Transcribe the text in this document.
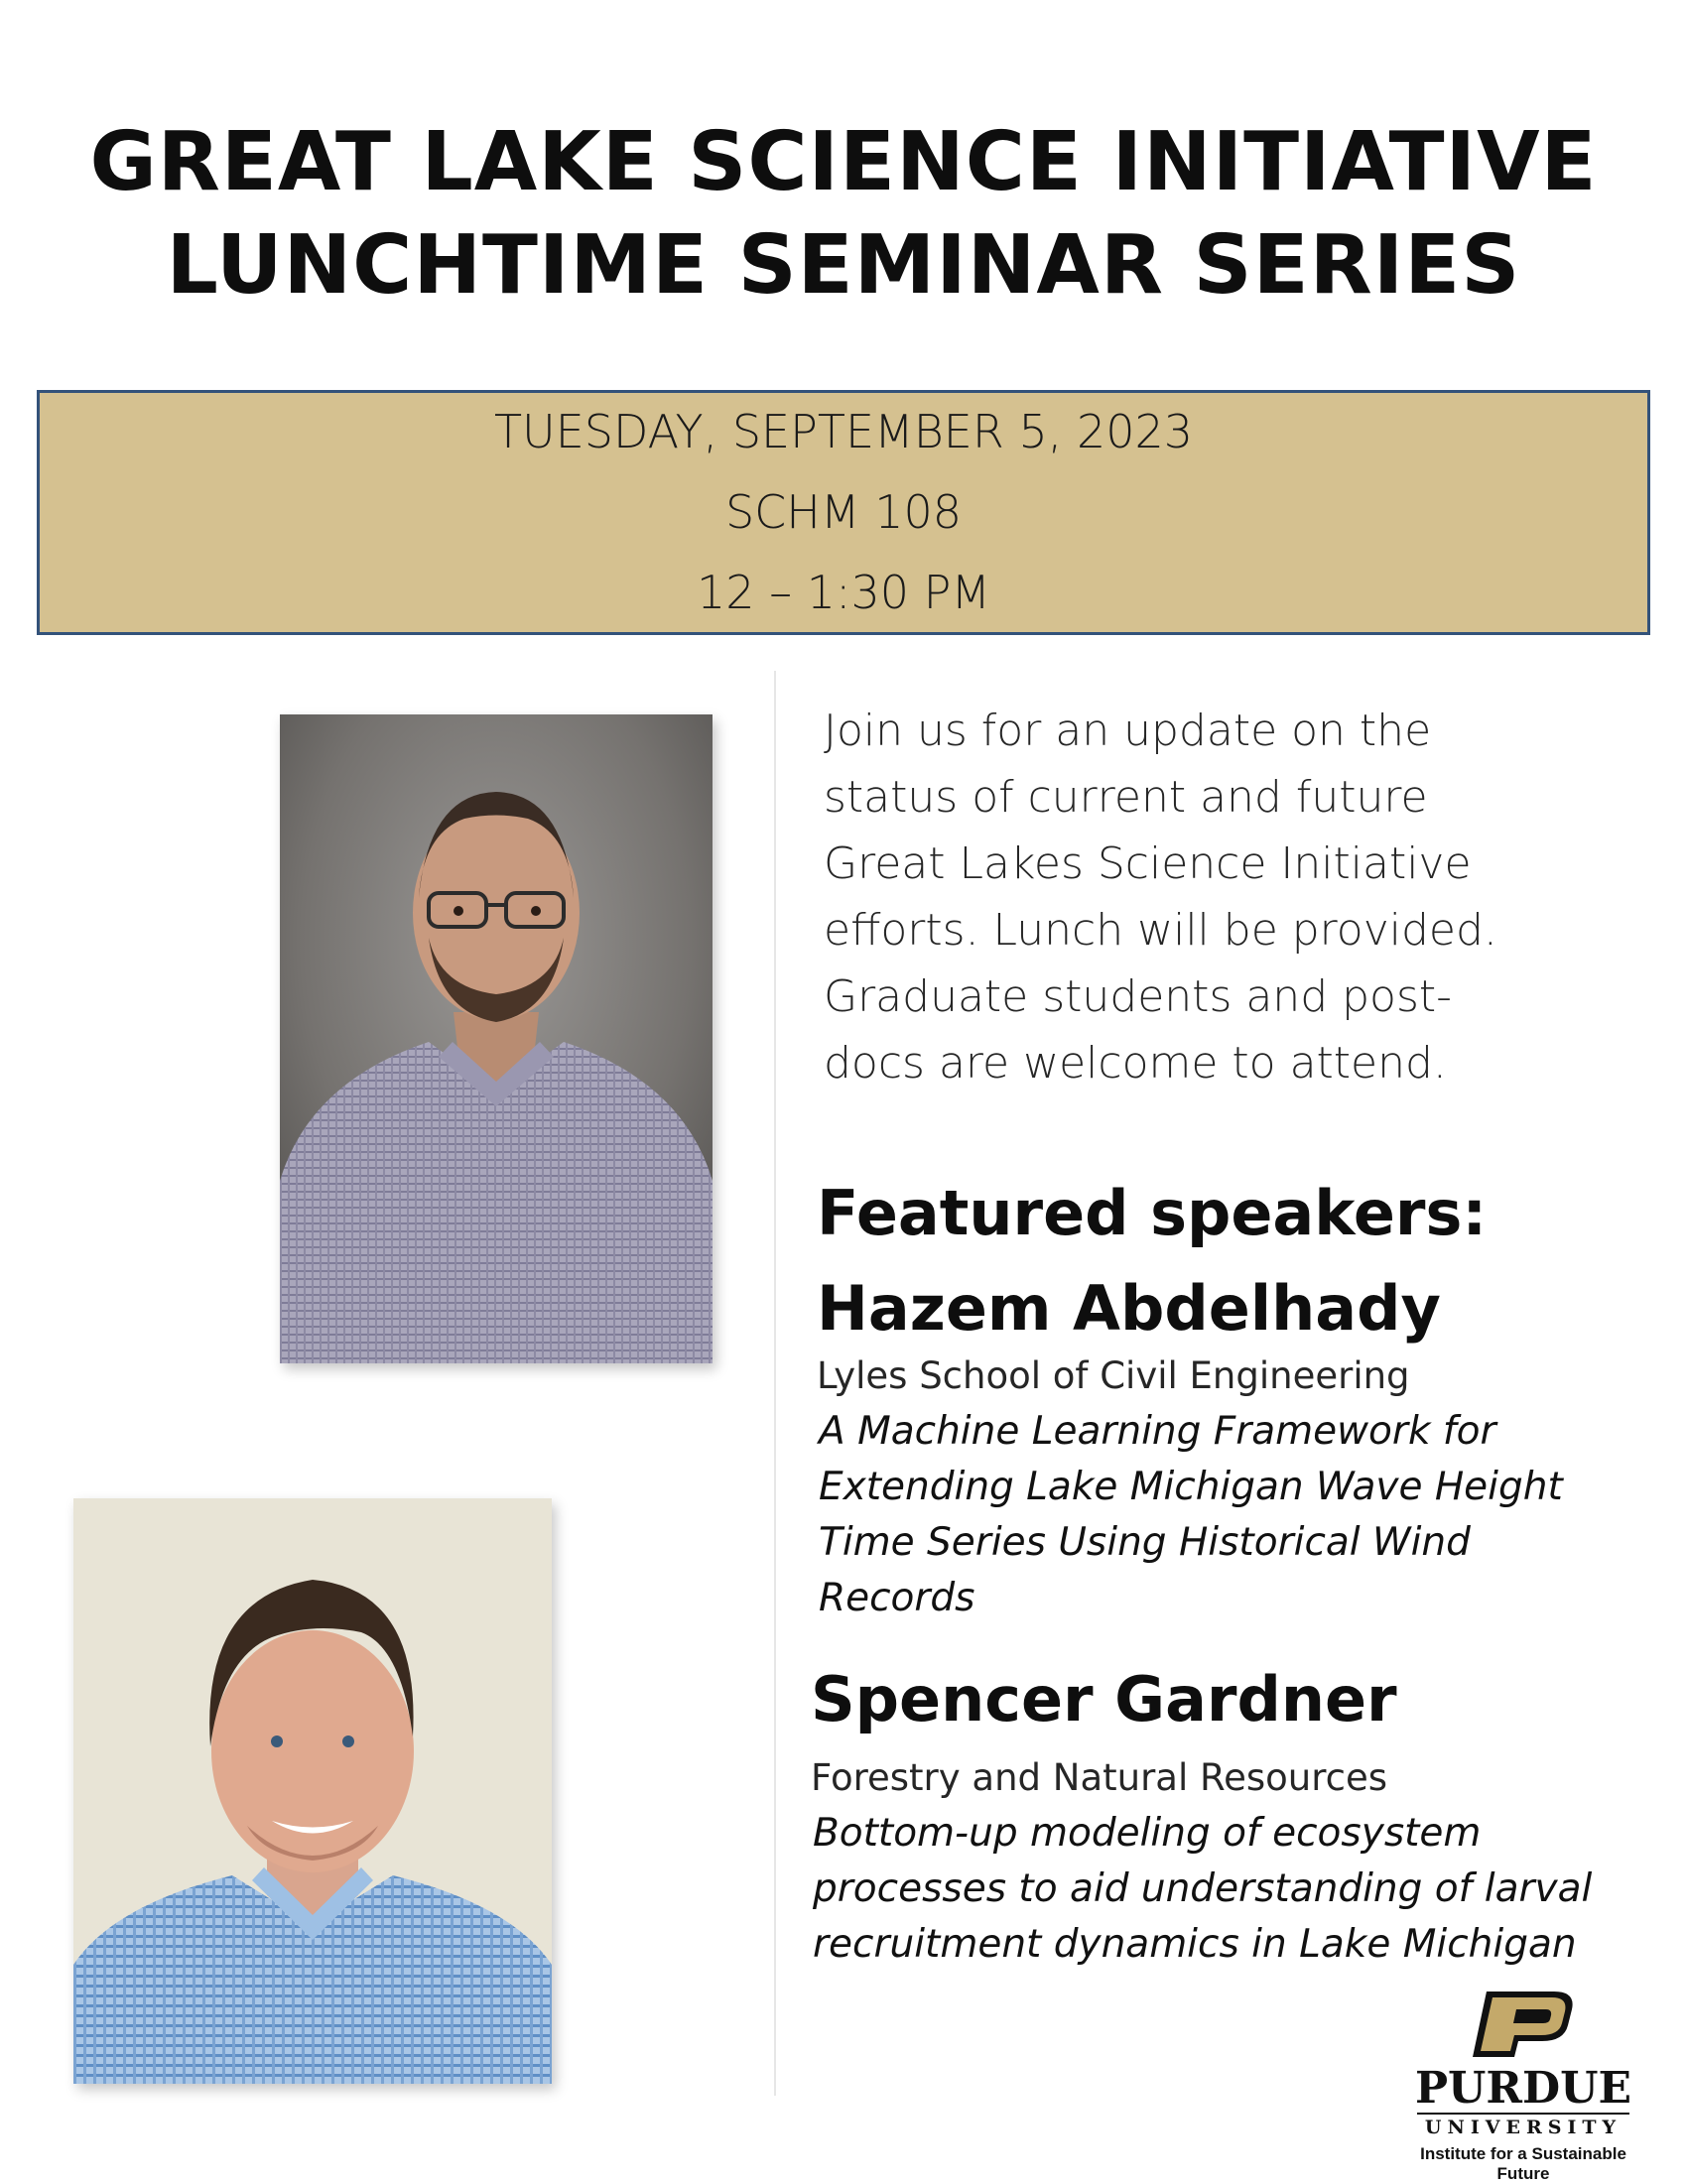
GREAT LAKE SCIENCE INITIATIVE
LUNCHTIME SEMINAR SERIES
TUESDAY, SEPTEMBER 5, 2023
SCHM 108
12 – 1:30 PM
Join us for an update on the
status of current and future
Great Lakes Science Initiative
efforts. Lunch will be provided.
Graduate students and post-
docs are welcome to attend.
Featured speakers:
Hazem Abdelhady
Lyles School of Civil Engineering
A Machine Learning Framework for
Extending Lake Michigan Wave Height
Time Series Using Historical Wind
Records
Spencer Gardner
Forestry and Natural Resources
Bottom-up modeling of ecosystem
processes to aid understanding of larval
recruitment dynamics in Lake Michigan
PURDUE
UNIVERSITY
Institute for a Sustainable Future
